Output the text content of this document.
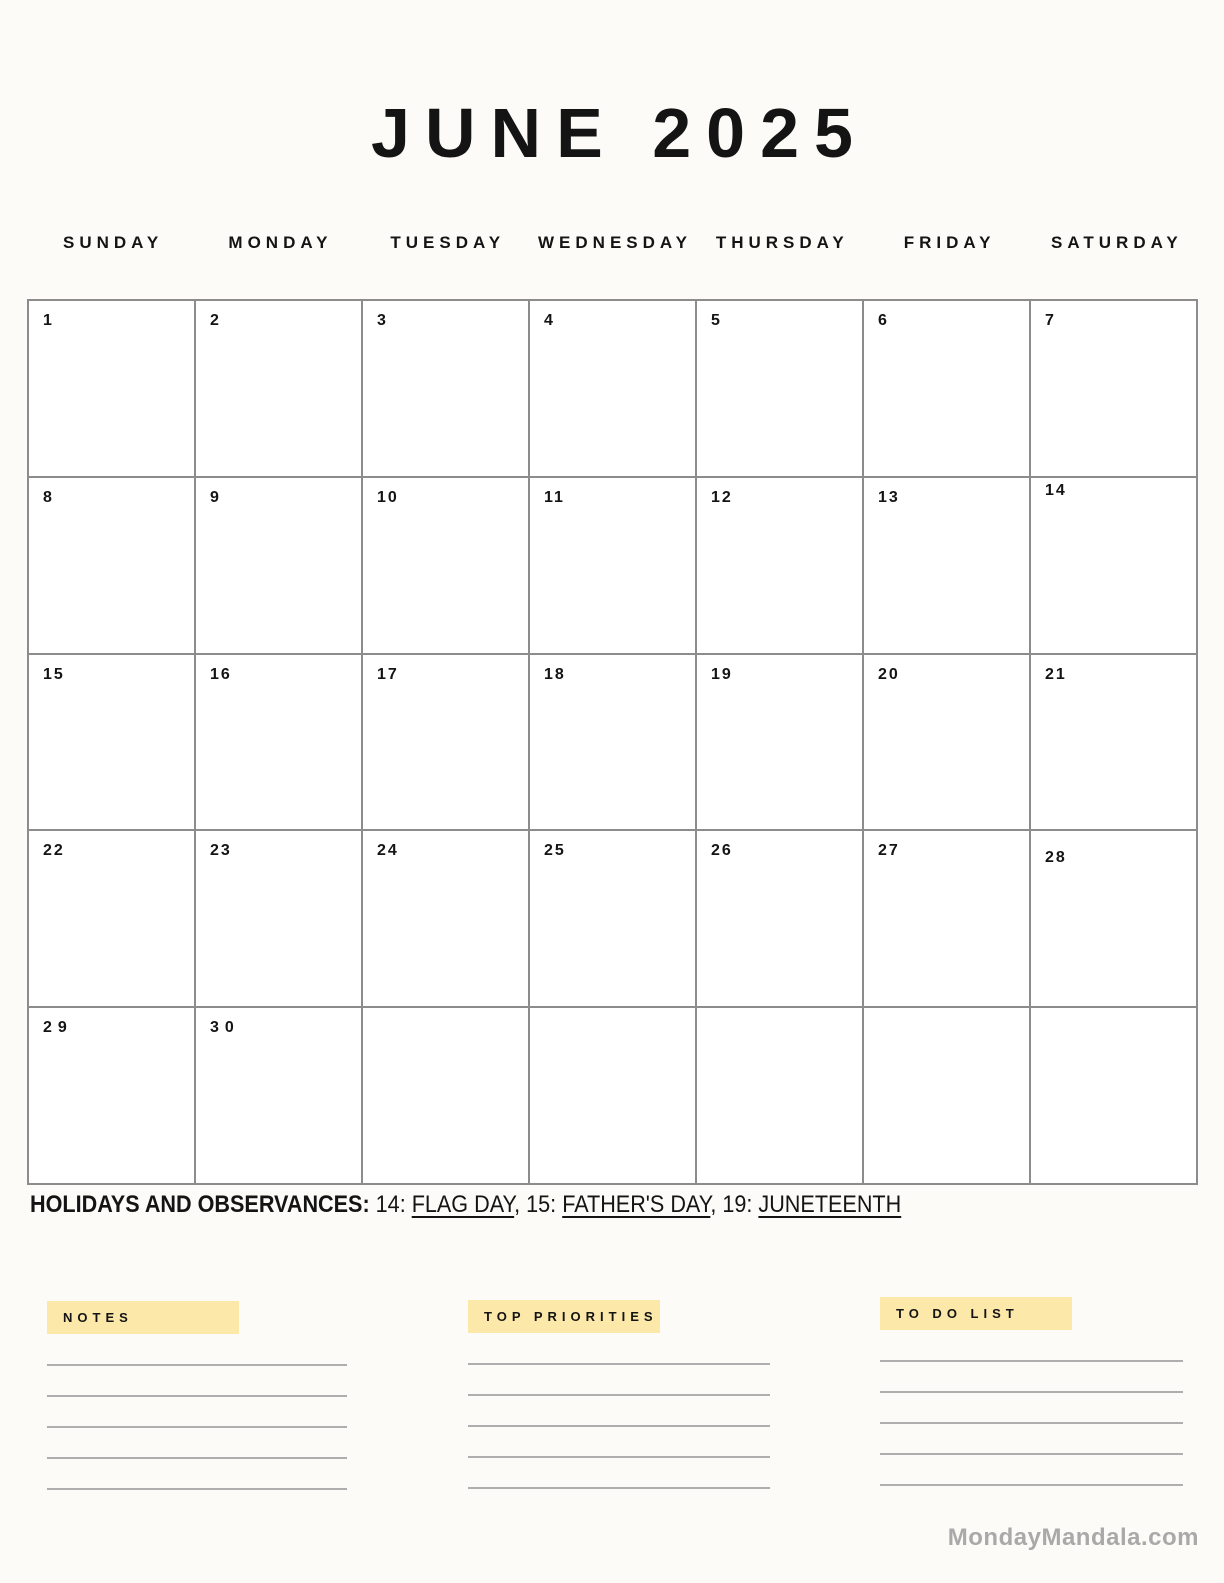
JUNE 2025
SUNDAY	MONDAY	TUESDAY	WEDNESDAY	THURSDAY	FRIDAY	SATURDAY
1	2	3	4	5	6	7
8	9	10	11	12	13	14
15	16	17	18	19	20	21
22	23	24	25	26	27	28
29	30
HOLIDAYS AND OBSERVANCES: 14: FLAG DAY, 15: FATHER'S DAY, 19: JUNETEENTH
NOTES	TOP PRIORITIES	TO DO LIST
MondayMandala.com
